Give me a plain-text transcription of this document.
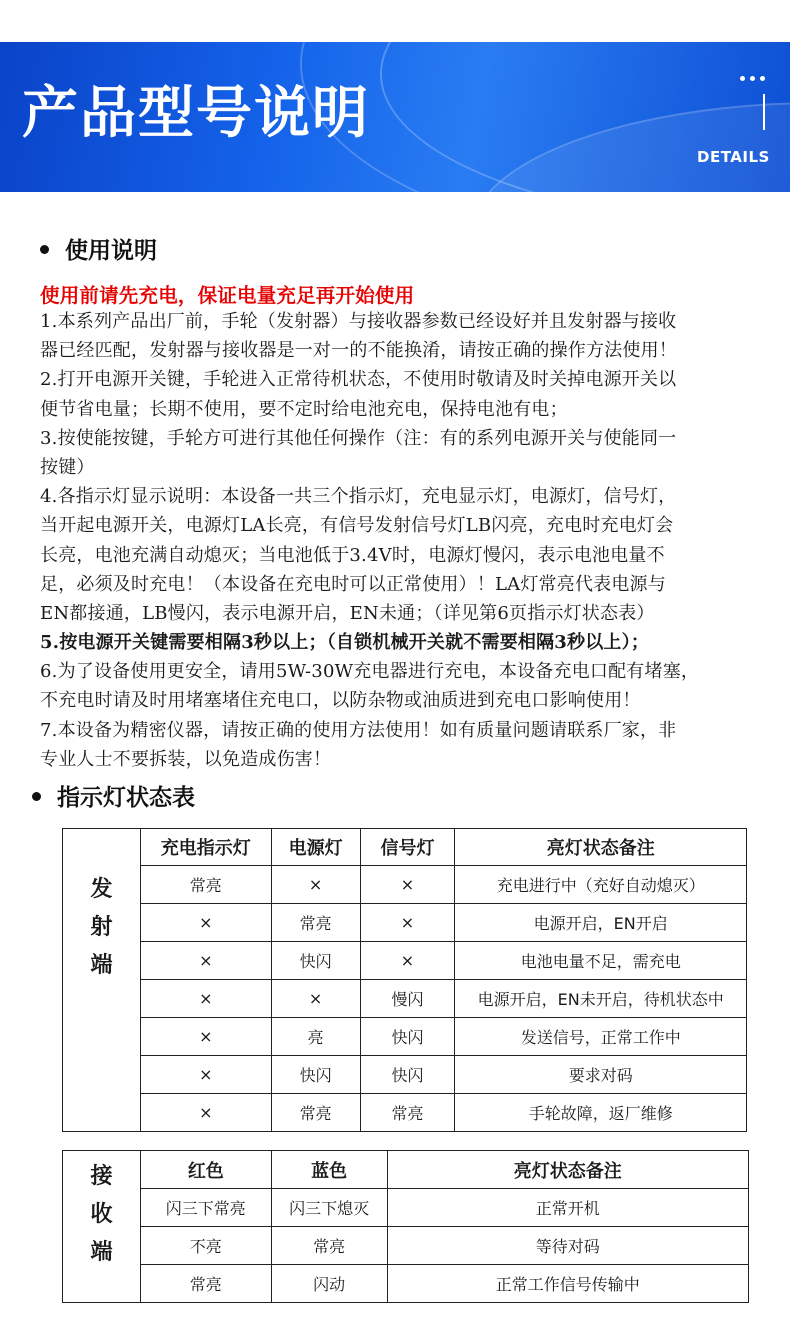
产品型号说明
DETAILS
使用说明
使用前请先充电，保证电量充足再开始使用
1.本系列产品出厂前，手轮（发射器）与接收器参数已经设好并且发射器与接收
器已经匹配，发射器与接收器是一对一的不能换淆，请按正确的操作方法使用！
2.打开电源开关键，手轮进入正常待机状态，不使用时敬请及时关掉电源开关以
便节省电量；长期不使用，要不定时给电池充电，保持电池有电；
3.按使能按键，手轮方可进行其他任何操作（注：有的系列电源开关与使能同一
按键）
4.各指示灯显示说明：本设备一共三个指示灯，充电显示灯，电源灯，信号灯，
当开起电源开关，电源灯LA长亮，有信号发射信号灯LB闪亮，充电时充电灯会
长亮，电池充满自动熄灭；当电池低于3.4V时，电源灯慢闪，表示电池电量不
足，必须及时充电！（本设备在充电时可以正常使用）！LA灯常亮代表电源与
EN都接通，LB慢闪，表示电源开启，EN未通；（详见第6页指示灯状态表）
5.按电源开关键需要相隔3秒以上；（自锁机械开关就不需要相隔3秒以上）；
6.为了设备使用更安全，请用5W-30W充电器进行充电，本设备充电口配有堵塞，
不充电时请及时用堵塞堵住充电口，以防杂物或油质进到充电口影响使用！
7.本设备为精密仪器，请按正确的使用方法使用！如有质量问题请联系厂家，非
专业人士不要拆装，以免造成伤害！
指示灯状态表
	充电指示灯	电源灯	信号灯	亮灯状态备注

发
射
端	常亮	×	×	充电进行中（充好自动熄灭）
	×	常亮	×	电源开启，EN开启
	×	快闪	×	电池电量不足，需充电
	×	×	慢闪	电源开启，EN未开启，待机状态中
	×	亮	快闪	发送信号，正常工作中
	×	快闪	快闪	要求对码
	×	常亮	常亮	手轮故障，返厂维修
接
收
端	红色	蓝色	亮灯状态备注
	闪三下常亮	闪三下熄灭	正常开机
	不亮	常亮	等待对码
	常亮	闪动	正常工作信号传输中
